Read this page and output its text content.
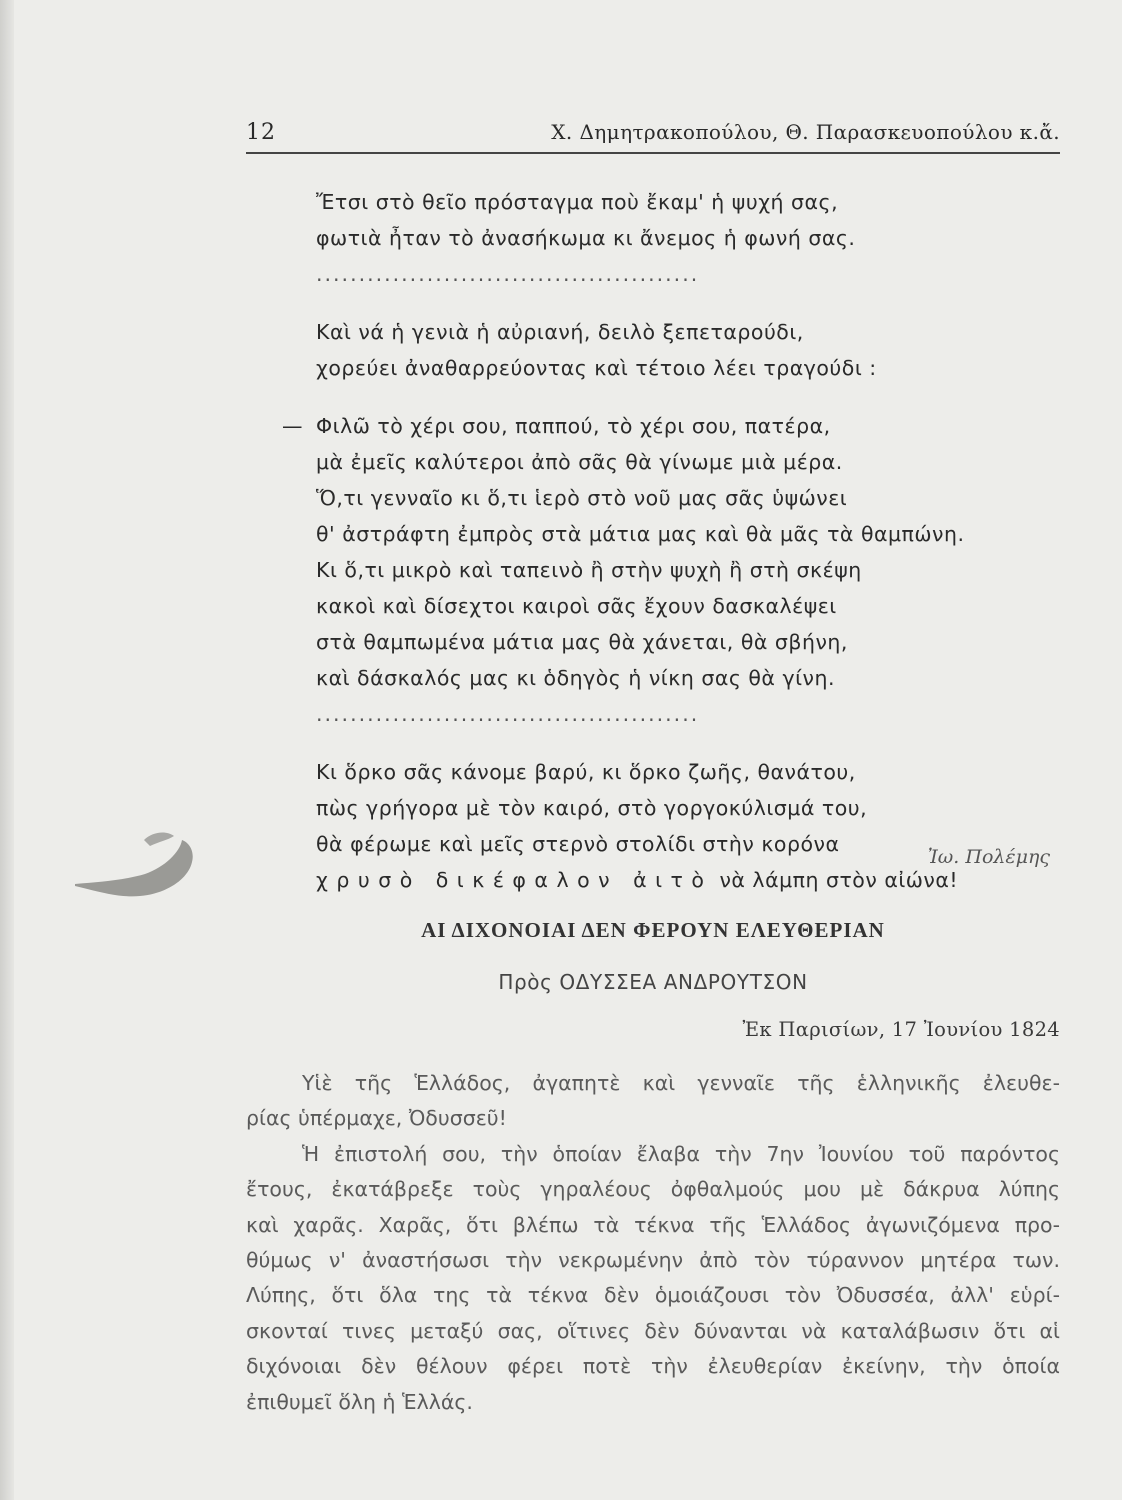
12	Χ. Δημητρακοπούλου, Θ. Παρασκευοπούλου κ.ἄ.
Ἔτσι στὸ θεῖο πρόσταγμα ποὺ ἔκαμ' ἡ ψυχή σας,
φωτιὰ ἦταν τὸ ἀνασήκωμα κι ἄνεμος ἡ φωνή σας.
.............................................
Καὶ νά ἡ γενιὰ ἡ αὐριανή, δειλὸ ξεπεταρούδι,
χορεύει ἀναθαρρεύοντας καὶ τέτοιο λέει τραγούδι :
— Φιλῶ τὸ χέρι σου, παππού, τὸ χέρι σου, πατέρα,
μὰ ἐμεῖς καλύτεροι ἀπὸ σᾶς θὰ γίνωμε μιὰ μέρα.
Ὅ,τι γενναῖο κι ὅ,τι ἱερὸ στὸ νοῦ μας σᾶς ὑψώνει
θ' ἀστράφτη ἐμπρὸς στὰ μάτια μας καὶ θὰ μᾶς τὰ θαμπώνη.
Κι ὅ,τι μικρὸ καὶ ταπεινὸ ἢ στὴν ψυχὴ ἢ στὴ σκέψη
κακοὶ καὶ δίσεχτοι καιροὶ σᾶς ἔχουν δασκαλέψει
στὰ θαμπωμένα μάτια μας θὰ χάνεται, θὰ σβήνη,
καὶ δάσκαλός μας κι ὁδηγὸς ἡ νίκη σας θὰ γίνη.
.............................................
Κι ὅρκο σᾶς κάνομε βαρύ, κι ὅρκο ζωῆς, θανάτου,
πὼς γρήγορα μὲ τὸν καιρό, στὸ γοργοκύλισμά του,
θὰ φέρωμε καὶ μεῖς στερνὸ στολίδι στὴν κορόνα
χρυσὸ δικέφαλον ἀιτὸ νὰ λάμπη στὸν αἰώνα!
Ἰω. Πολέμης
ΑΙ ΔΙΧΟΝΟΙΑΙ ΔΕΝ ΦΕΡΟΥΝ ΕΛΕΥΘΕΡΙΑΝ
Πρὸς ΟΔΥΣΣΕΑ ΑΝΔΡΟΥΤΣΟΝ
Ἐκ Παρισίων, 17 Ἰουνίου 1824
Υἱὲ τῆς Ἑλλάδος, ἀγαπητὲ καὶ γενναῖε τῆς ἑλληνικῆς ἐλευθε-
ρίας ὑπέρμαχε, Ὀδυσσεῦ!
Ἡ ἐπιστολή σου, τὴν ὁποίαν ἔλαβα τὴν 7ην Ἰουνίου τοῦ παρόντος
ἔτους, ἐκατάβρεξε τοὺς γηραλέους ὀφθαλμούς μου μὲ δάκρυα λύπης
καὶ χαρᾶς. Χαρᾶς, ὅτι βλέπω τὰ τέκνα τῆς Ἑλλάδος ἀγωνιζόμενα προ-
θύμως ν' ἀναστήσωσι τὴν νεκρωμένην ἀπὸ τὸν τύραννον μητέρα των.
Λύπης, ὅτι ὅλα της τὰ τέκνα δὲν ὁμοιάζουσι τὸν Ὀδυσσέα, ἀλλ' εὑρί-
σκονταί τινες μεταξύ σας, οἵτινες δὲν δύνανται νὰ καταλάβωσιν ὅτι αἱ
διχόνοιαι δὲν θέλουν φέρει ποτὲ τὴν ἐλευθερίαν ἐκείνην, τὴν ὁποία
ἐπιθυμεῖ ὅλη ἡ Ἑλλάς.
